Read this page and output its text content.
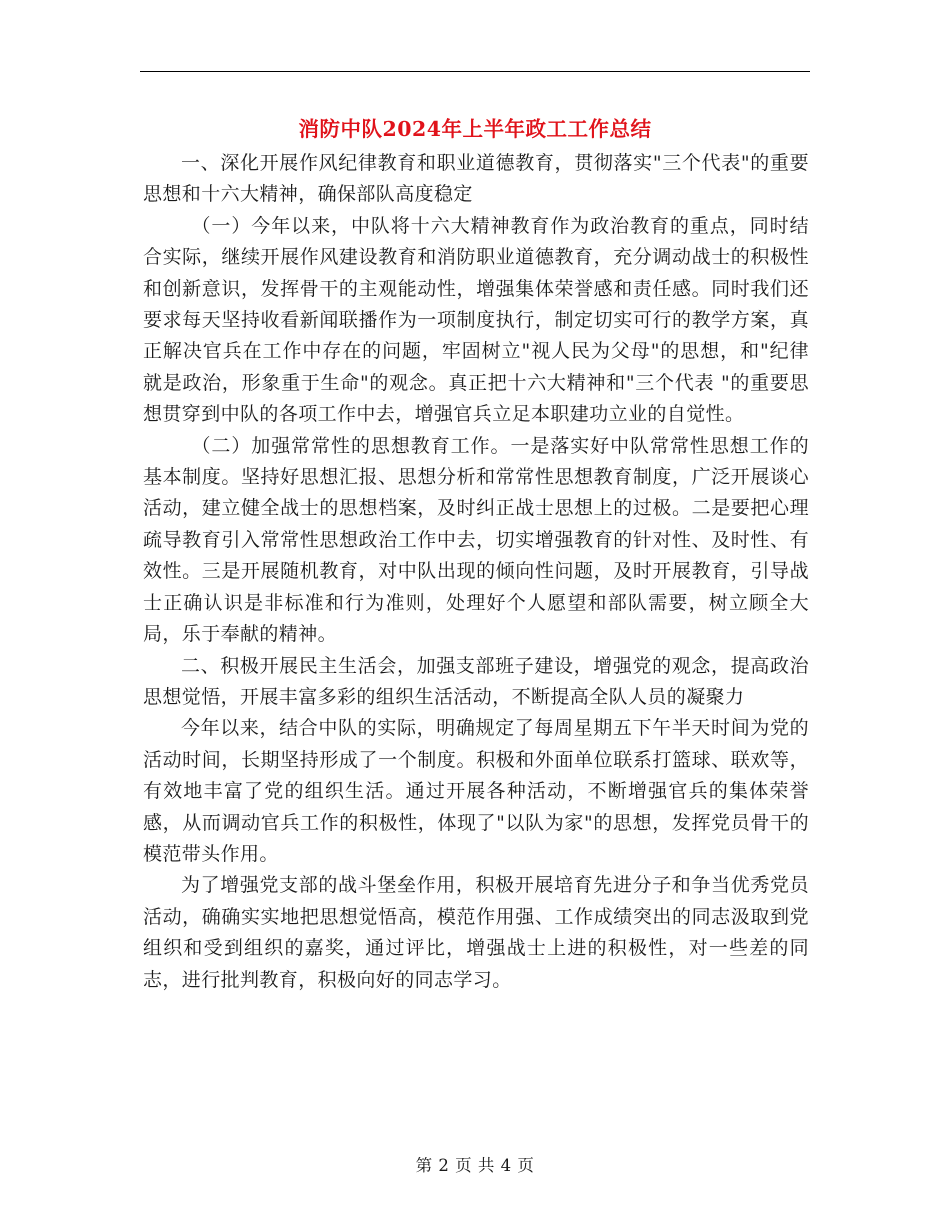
消防中队2024年上半年政工工作总结

一、深化开展作风纪律教育和职业道德教育，贯彻落实"三个代表"的重要思想和十六大精神，确保部队高度稳定

（一）今年以来，中队将十六大精神教育作为政治教育的重点，同时结合实际，继续开展作风建设教育和消防职业道德教育，充分调动战士的积极性和创新意识，发挥骨干的主观能动性，增强集体荣誉感和责任感。同时我们还要求每天坚持收看新闻联播作为一项制度执行，制定切实可行的教学方案，真正解决官兵在工作中存在的问题，牢固树立"视人民为父母"的思想，和"纪律就是政治，形象重于生命"的观念。真正把十六大精神和"三个代表 "的重要思想贯穿到中队的各项工作中去，增强官兵立足本职建功立业的自觉性。

（二）加强常常性的思想教育工作。一是落实好中队常常性思想工作的基本制度。坚持好思想汇报、思想分析和常常性思想教育制度，广泛开展谈心活动，建立健全战士的思想档案，及时纠正战士思想上的过极。二是要把心理疏导教育引入常常性思想政治工作中去，切实增强教育的针对性、及时性、有效性。三是开展随机教育，对中队出现的倾向性问题，及时开展教育，引导战士正确认识是非标准和行为准则，处理好个人愿望和部队需要，树立顾全大局，乐于奉献的精神。

二、积极开展民主生活会，加强支部班子建设，增强党的观念，提高政治思想觉悟，开展丰富多彩的组织生活活动，不断提高全队人员的凝聚力

今年以来，结合中队的实际，明确规定了每周星期五下午半天时间为党的活动时间，长期坚持形成了一个制度。积极和外面单位联系打篮球、联欢等，有效地丰富了党的组织生活。通过开展各种活动，不断增强官兵的集体荣誉感，从而调动官兵工作的积极性，体现了"以队为家"的思想，发挥党员骨干的模范带头作用。

为了增强党支部的战斗堡垒作用，积极开展培育先进分子和争当优秀党员活动，确确实实地把思想觉悟高，模范作用强、工作成绩突出的同志汲取到党组织和受到组织的嘉奖，通过评比，增强战士上进的积极性，对一些差的同志，进行批判教育，积极向好的同志学习。

第 2 页 共 4 页
